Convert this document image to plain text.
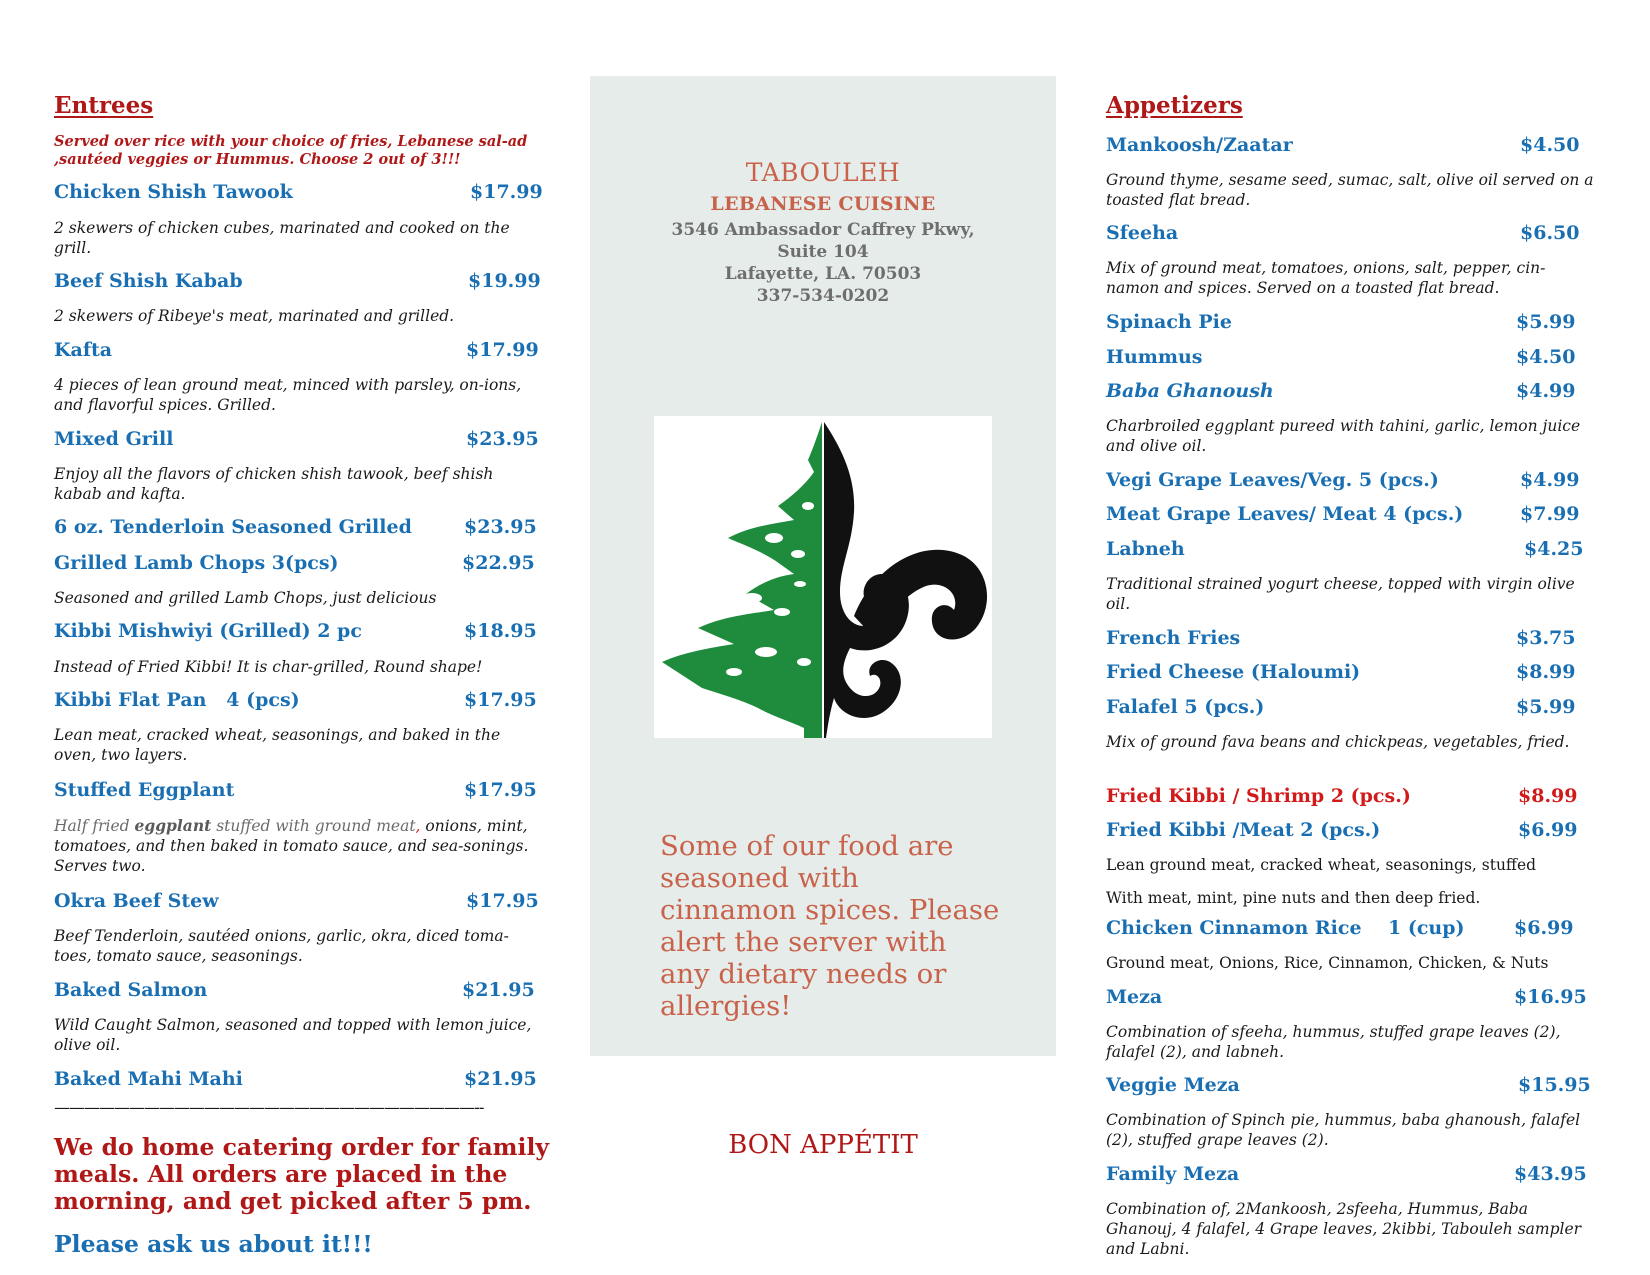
Entrees
Served over rice with your choice of fries, Lebanese sal-ad ,sautéed veggies or Hummus. Choose 2 out of 3!!!
Chicken Shish Tawook	$17.99
2 skewers of chicken cubes, marinated and cooked on the grill.
Beef Shish Kabab	$19.99
2 skewers of Ribeye's meat, marinated and grilled.
Kafta	$17.99
4 pieces of lean ground meat, minced with parsley, on-ions, and flavorful spices. Grilled.
Mixed Grill	$23.95
Enjoy all the flavors of chicken shish tawook, beef shish kabab and kafta.
6 oz. Tenderloin Seasoned Grilled	$23.95
Grilled Lamb Chops 3(pcs)	$22.95
Seasoned and grilled Lamb Chops, just delicious
Kibbi Mishwiyi (Grilled) 2 pc	$18.95
Instead of Fried Kibbi! It is char-grilled, Round shape!
Kibbi Flat Pan   4 (pcs)	$17.95
Lean meat, cracked wheat, seasonings, and baked in the oven, two layers.
Stuffed Eggplant	$17.95
Half fried eggplant stuffed with ground meat, onions, mint, tomatoes, and then baked in tomato sauce, and sea-sonings. Serves two.
Okra Beef Stew	$17.95
Beef Tenderloin, sautéed onions, garlic, okra, diced toma-toes, tomato sauce, seasonings.
Baked Salmon	$21.95
Wild Caught Salmon, seasoned and topped with lemon juice, olive oil.
Baked Mahi Mahi	$21.95
————————————————————————————--
We do home catering order for family meals. All orders are placed in the morning, and get picked after 5 pm.
Please ask us about it!!!
TABOULEH
LEBANESE CUISINE
3546 Ambassador Caffrey Pkwy,
Suite 104
Lafayette, LA. 70503
337-534-0202
Some of our food are seasoned with cinnamon spices. Please alert the server with any dietary needs or allergies!
BON APPÉTIT
Appetizers
Mankoosh/Zaatar	$4.50
Ground thyme, sesame seed, sumac, salt, olive oil served on a toasted flat bread.
Sfeeha	$6.50
Mix of ground meat, tomatoes, onions, salt, pepper, cin-namon and spices. Served on a toasted flat bread.
Spinach Pie	$5.99
Hummus	$4.50
Baba Ghanoush	$4.99
Charbroiled eggplant pureed with tahini, garlic, lemon juice and olive oil.
Vegi Grape Leaves/Veg. 5 (pcs.)	$4.99
Meat Grape Leaves/ Meat 4 (pcs.)	$7.99
Labneh	$4.25
Traditional strained yogurt cheese, topped with virgin olive oil.
French Fries	$3.75
Fried Cheese (Haloumi)	$8.99
Falafel 5 (pcs.)	$5.99
Mix of ground fava beans and chickpeas, vegetables, fried.
Fried Kibbi / Shrimp 2 (pcs.)	$8.99
Fried Kibbi /Meat 2 (pcs.)	$6.99
Lean ground meat, cracked wheat, seasonings, stuffed
With meat, mint, pine nuts and then deep fried.
Chicken Cinnamon Rice    1 (cup)	$6.99
Ground meat, Onions, Rice, Cinnamon, Chicken, & Nuts
Meza	$16.95
Combination of sfeeha, hummus, stuffed grape leaves (2), falafel (2), and labneh.
Veggie Meza	$15.95
Combination of Spinch pie, hummus, baba ghanoush, falafel (2), stuffed grape leaves (2).
Family Meza	$43.95
Combination of, 2Mankoosh, 2sfeeha, Hummus, Baba Ghanouj, 4 falafel, 4 Grape leaves, 2kibbi, Tabouleh sampler and Labni.
